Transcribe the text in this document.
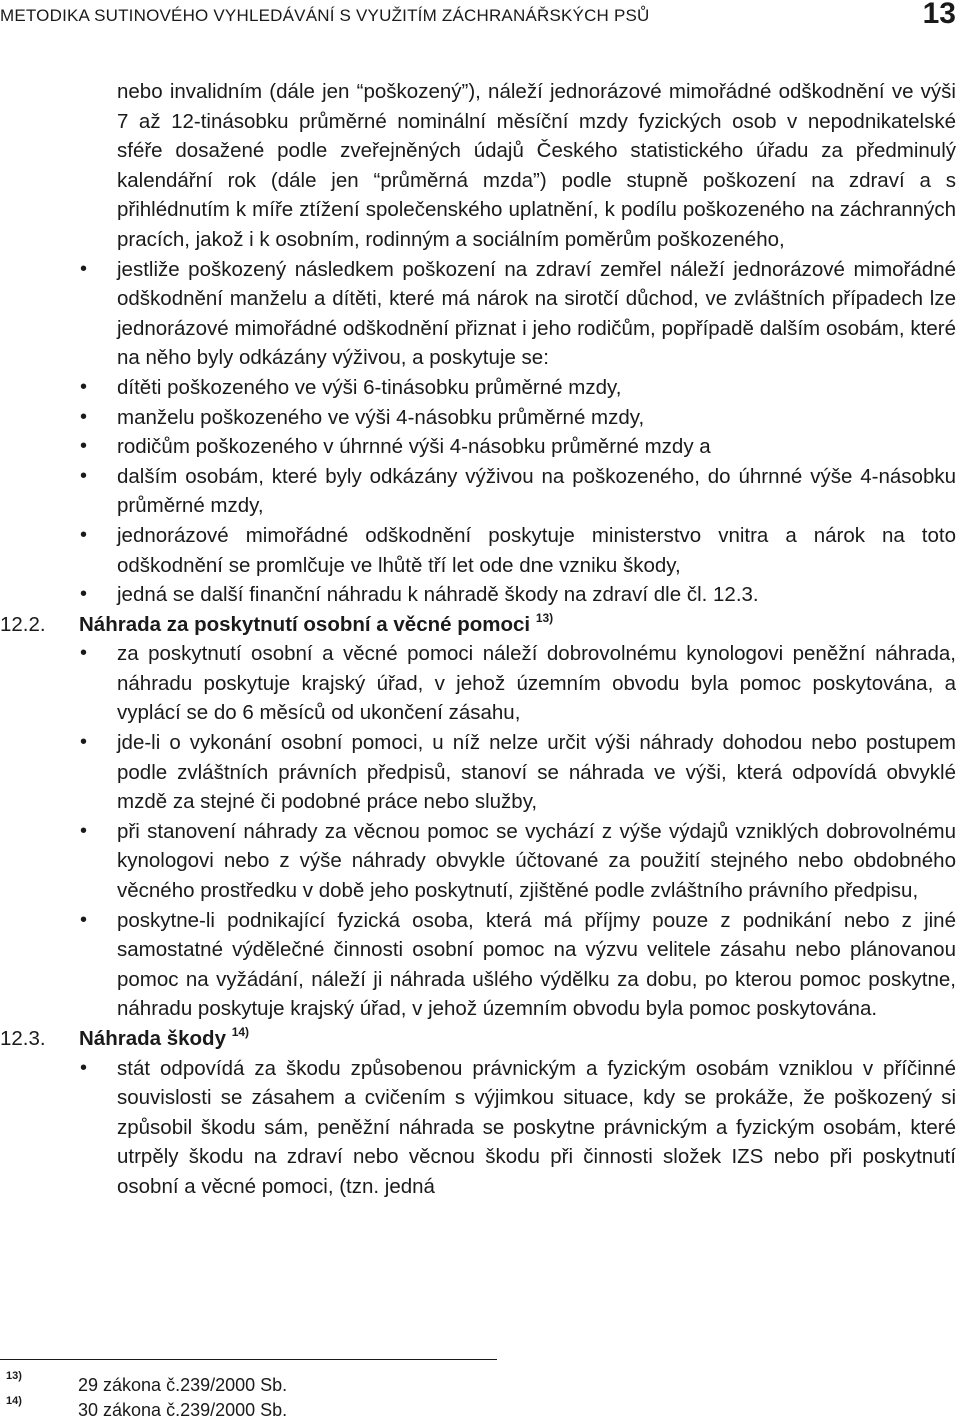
METODIKA SUTINOVÉHO VYHLEDÁVÁNÍ S VYUŽITÍM ZÁCHRANÁŘSKÝCH PSŮ	13
nebo invalidním (dále jen “poškozený”), náleží jednorázové mimořádné odškodnění ve výši 7 až 12-tinásobku průměrné nominální měsíční mzdy fyzických osob v nepodnikatelské sféře dosažené podle zveřejněných údajů Českého statistického úřadu za předminulý kalendářní rok (dále jen “průměrná mzda”) podle stupně poškození na zdraví a s přihlédnutím k míře ztížení společenského uplatnění, k podílu poškozeného na záchranných pracích, jakož i k osobním, rodinným a sociálním poměrům poškozeného,
• jestliže poškozený následkem poškození na zdraví zemřel náleží jednorázové mimořádné odškodnění manželu a dítěti, které má nárok na sirotčí důchod, ve zvláštních případech lze jednorázové mimořádné odškodnění přiznat i jeho rodičům, popřípadě dalším osobám, které na něho byly odkázány výživou, a poskytuje se:
• dítěti poškozeného ve výši 6-tinásobku průměrné mzdy,
• manželu poškozeného ve výši 4-násobku průměrné mzdy,
• rodičům poškozeného v úhrnné výši 4-násobku průměrné mzdy a
• dalším osobám, které byly odkázány výživou na poškozeného, do úhrnné výše 4-násobku průměrné mzdy,
• jednorázové mimořádné odškodnění poskytuje ministerstvo vnitra a nárok na toto odškodnění se promlčuje ve lhůtě tří let ode dne vzniku škody,
• jedná se další finanční náhradu k náhradě škody na zdraví dle čl. 12.3.
12.2. Náhrada za poskytnutí osobní a věcné pomoci $^{13)}$
• za poskytnutí osobní a věcné pomoci náleží dobrovolnému kynologovi peněžní náhrada, náhradu poskytuje krajský úřad, v jehož územním obvodu byla pomoc poskytována, a vyplácí se do 6 měsíců od ukončení zásahu,
• jde-li o vykonání osobní pomoci, u níž nelze určit výši náhrady dohodou nebo postupem podle zvláštních právních předpisů, stanoví se náhrada ve výši, která odpovídá obvyklé mzdě za stejné či podobné práce nebo služby,
• při stanovení náhrady za věcnou pomoc se vychází z výše výdajů vzniklých dobrovolnému kynologovi nebo z výše náhrady obvykle účtované za použití stejného nebo obdobného věcného prostředku v době jeho poskytnutí, zjištěné podle zvláštního právního předpisu,
• poskytne-li podnikající fyzická osoba, která má příjmy pouze z podnikání nebo z jiné samostatné výdělečné činnosti osobní pomoc na výzvu velitele zásahu nebo plánovanou pomoc na vyžádání, náleží ji náhrada ušlého výdělku za dobu, po kterou pomoc poskytne, náhradu poskytuje krajský úřad, v jehož územním obvodu byla pomoc poskytována.
12.3. Náhrada škody $^{14)}$
• stát odpovídá za škodu způsobenou právnickým a fyzickým osobám vzniklou v příčinné souvislosti se zásahem a cvičením s výjimkou situace, kdy se prokáže, že poškozený si způsobil škodu sám, peněžní náhrada se poskytne právnickým a fyzickým osobám, které utrpěly škodu na zdraví nebo věcnou škodu při činnosti složek IZS nebo při poskytnutí osobní a věcné pomoci, (tzn. jedná
13)	29 zákona č.239/2000 Sb.
14)	30 zákona č.239/2000 Sb.
